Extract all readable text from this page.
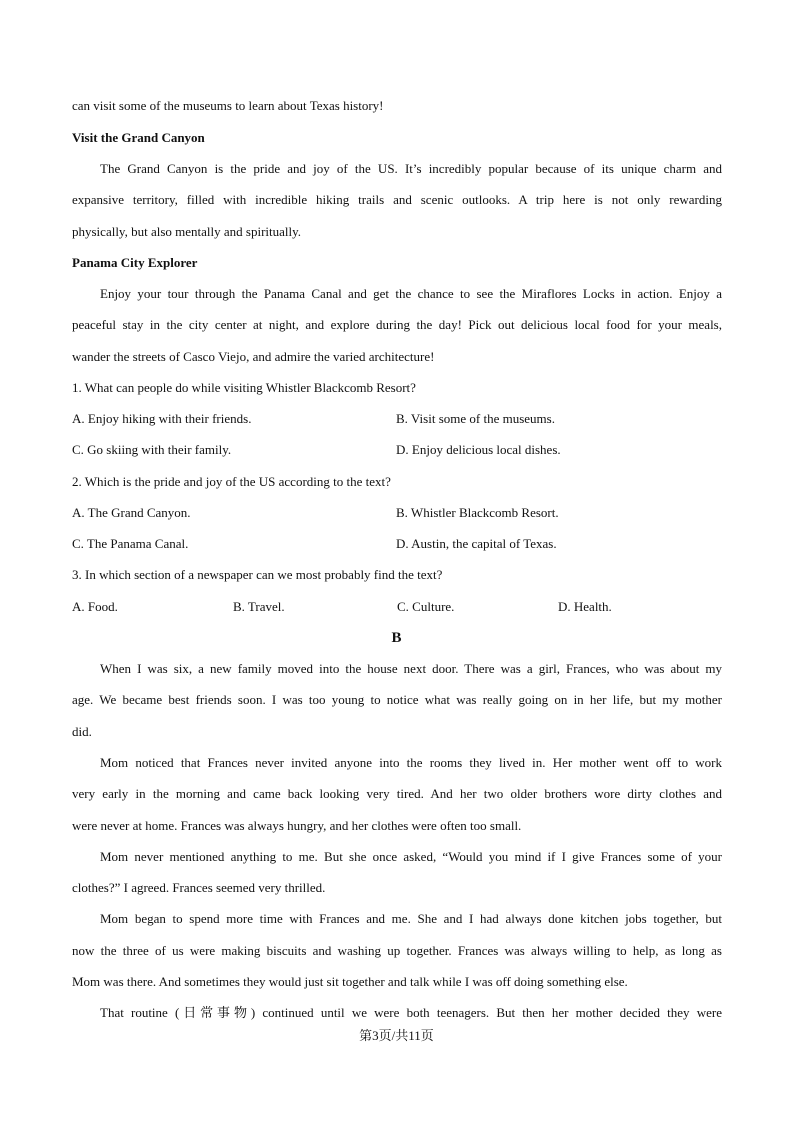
can visit some of the museums to learn about Texas history!
Visit the Grand Canyon
The Grand Canyon is the pride and joy of the US. It’s incredibly popular because of its unique charm and
expansive territory, filled with incredible hiking trails and scenic outlooks. A trip here is not only rewarding
physically, but also mentally and spiritually.
Panama City Explorer
Enjoy your tour through the Panama Canal and get the chance to see the Miraflores Locks in action. Enjoy a
peaceful stay in the city center at night, and explore during the day! Pick out delicious local food for your meals,
wander the streets of Casco Viejo, and admire the varied architecture!
1. What can people do while visiting Whistler Blackcomb Resort?
A. Enjoy hiking with their friends.	B. Visit some of the museums.
C. Go skiing with their family.	D. Enjoy delicious local dishes.
2. Which is the pride and joy of the US according to the text?
A. The Grand Canyon.	B. Whistler Blackcomb Resort.
C. The Panama Canal.	D. Austin, the capital of Texas.
3. In which section of a newspaper can we most probably find the text?
A. Food.	B. Travel.	C. Culture.	D. Health.
B
When I was six, a new family moved into the house next door. There was a girl, Frances, who was about my
age. We became best friends soon. I was too young to notice what was really going on in her life, but my mother
did.
Mom noticed that Frances never invited anyone into the rooms they lived in. Her mother went off to work
very early in the morning and came back looking very tired. And her two older brothers wore dirty clothes and
were never at home. Frances was always hungry, and her clothes were often too small.
Mom never mentioned anything to me. But she once asked, “Would you mind if I give Frances some of your
clothes?” I agreed. Frances seemed very thrilled.
Mom began to spend more time with Frances and me. She and I had always done kitchen jobs together, but
now the three of us were making biscuits and washing up together. Frances was always willing to help, as long as
Mom was there. And sometimes they would just sit together and talk while I was off doing something else.
That routine (日常事物) continued until we were both teenagers. But then her mother decided they were
第3页/共11页
